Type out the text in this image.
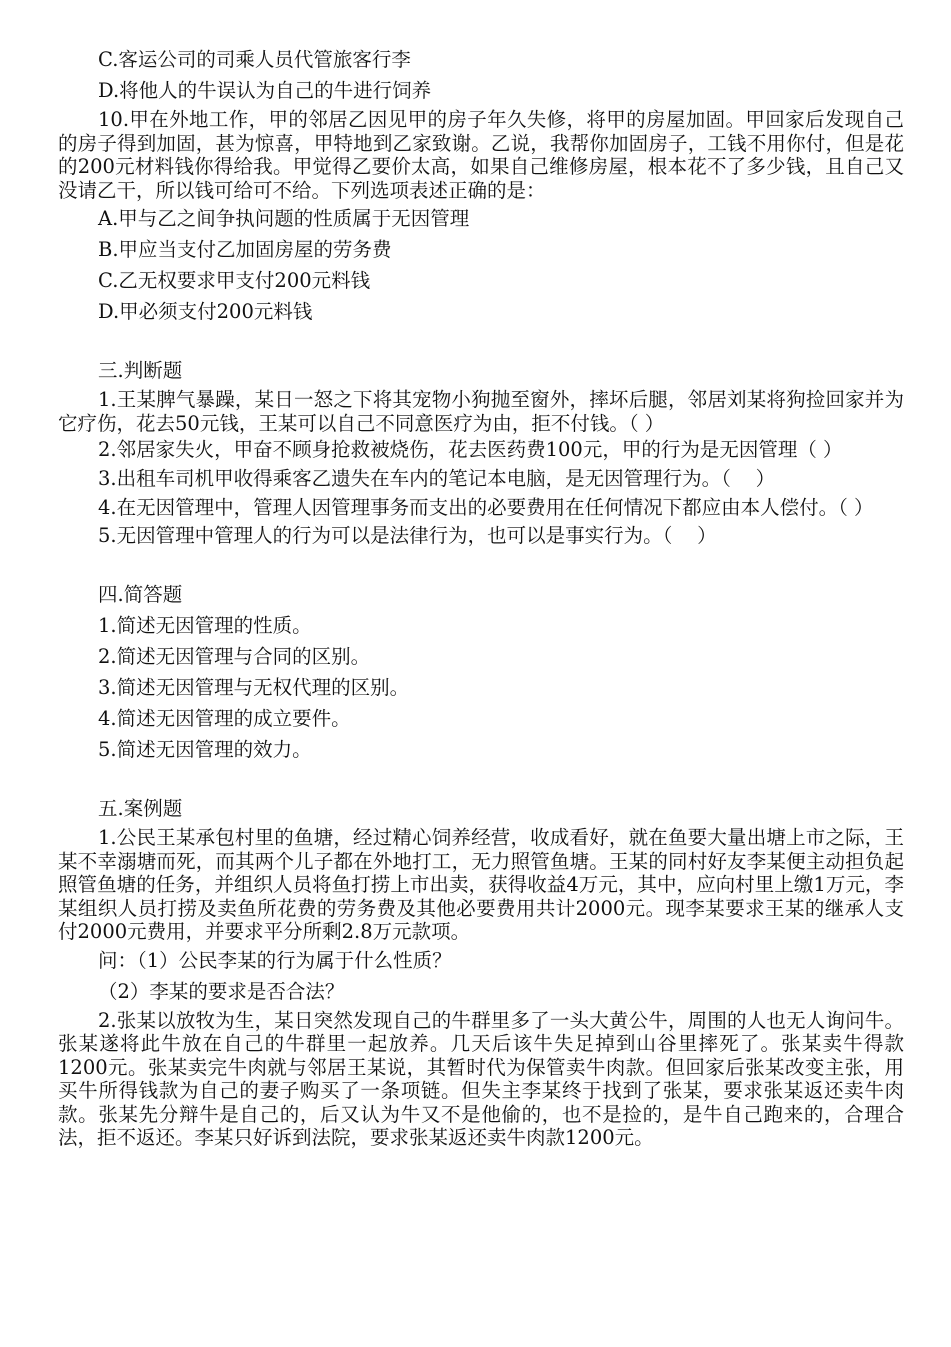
C.客运公司的司乘人员代管旅客行李

D.将他人的牛误认为自己的牛进行饲养

10.甲在外地工作，甲的邻居乙因见甲的房子年久失修，将甲的房屋加固。甲回家后发现自己的房子得到加固，甚为惊喜，甲特地到乙家致谢。乙说，我帮你加固房子，工钱不用你付，但是花的200元材料钱你得给我。甲觉得乙要价太高，如果自己维修房屋，根本花不了多少钱，且自己又没请乙干，所以钱可给可不给。下列选项表述正确的是：

A.甲与乙之间争执问题的性质属于无因管理

B.甲应当支付乙加固房屋的劳务费

C.乙无权要求甲支付200元料钱

D.甲必须支付200元料钱

三.判断题

1.王某脾气暴躁，某日一怒之下将其宠物小狗抛至窗外，摔坏后腿，邻居刘某将狗捡回家并为它疗伤，花去50元钱，王某可以自己不同意医疗为由，拒不付钱。（ ）

2.邻居家失火，甲奋不顾身抢救被烧伤，花去医药费100元，甲的行为是无因管理（ ）

3.出租车司机甲收得乘客乙遗失在车内的笔记本电脑，是无因管理行为。（    ）

4.在无因管理中，管理人因管理事务而支出的必要费用在任何情况下都应由本人偿付。（ ）

5.无因管理中管理人的行为可以是法律行为，也可以是事实行为。（    ）

四.简答题

1.简述无因管理的性质。

2.简述无因管理与合同的区别。

3.简述无因管理与无权代理的区别。

4.简述无因管理的成立要件。

5.简述无因管理的效力。

五.案例题

1.公民王某承包村里的鱼塘，经过精心饲养经营，收成看好，就在鱼要大量出塘上市之际，王某不幸溺塘而死，而其两个儿子都在外地打工，无力照管鱼塘。王某的同村好友李某便主动担负起照管鱼塘的任务，并组织人员将鱼打捞上市出卖，获得收益4万元，其中，应向村里上缴1万元，李某组织人员打捞及卖鱼所花费的劳务费及其他必要费用共计2000元。现李某要求王某的继承人支付2000元费用，并要求平分所剩2.8万元款项。

问：（1）公民李某的行为属于什么性质？

（2）李某的要求是否合法？

2.张某以放牧为生，某日突然发现自己的牛群里多了一头大黄公牛，周围的人也无人询问牛。张某遂将此牛放在自己的牛群里一起放养。几天后该牛失足掉到山谷里摔死了。张某卖牛得款1200元。张某卖完牛肉就与邻居王某说，其暂时代为保管卖牛肉款。但回家后张某改变主张，用买牛所得钱款为自己的妻子购买了一条项链。但失主李某终于找到了张某，要求张某返还卖牛肉款。张某先分辩牛是自己的，后又认为牛又不是他偷的，也不是捡的，是牛自己跑来的，合理合法，拒不返还。李某只好诉到法院，要求张某返还卖牛肉款1200元。
